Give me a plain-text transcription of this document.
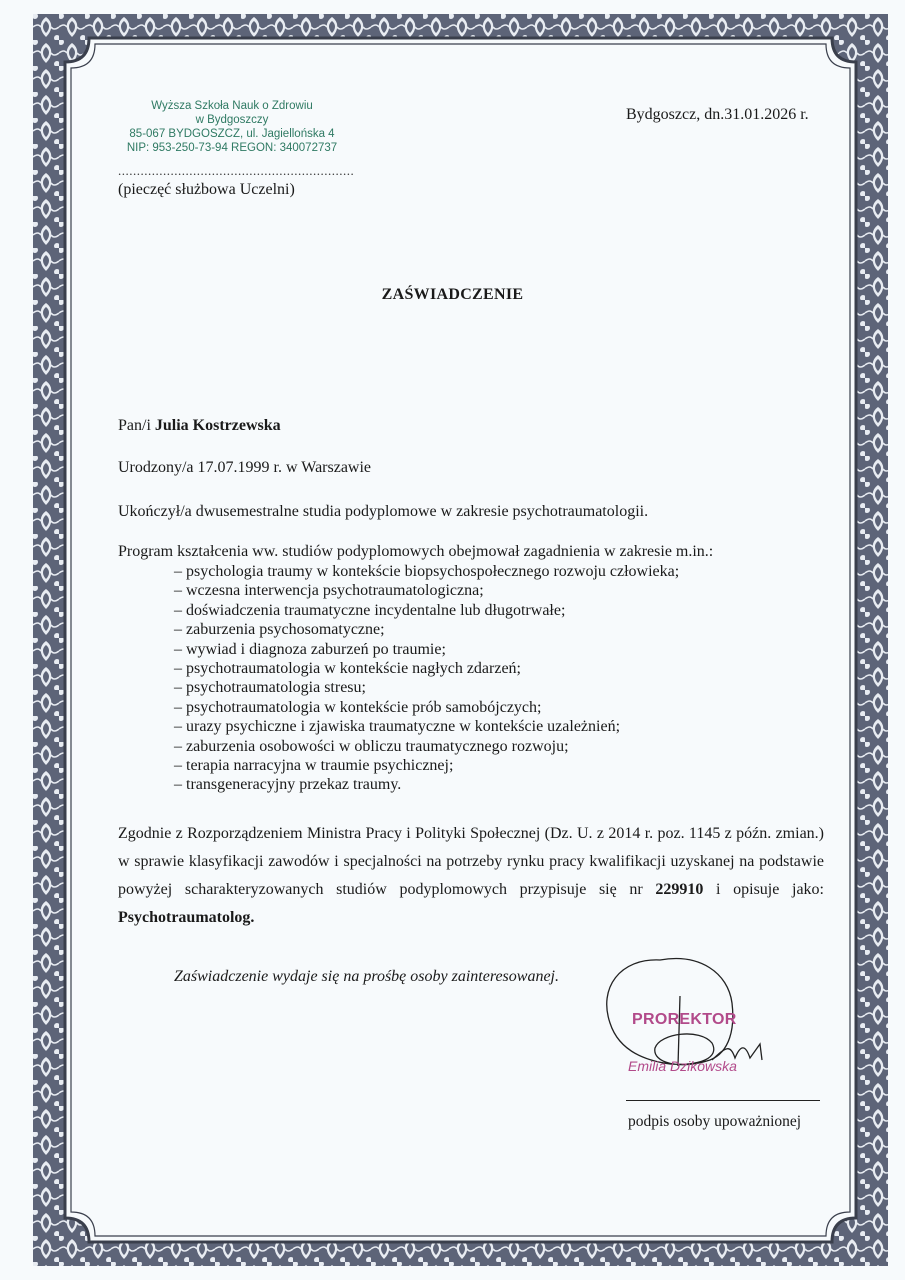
Wyższa Szkoła Nauk o Zdrowiu
w Bydgoszczy
85-067 BYDGOSZCZ, ul. Jagiellońska 4
NIP: 953-250-73-94 REGON: 340072737
...............................................................
(pieczęć służbowa Uczelni)
Bydgoszcz, dn.31.01.2026 r.
ZAŚWIADCZENIE
Pan/i Julia Kostrzewska
Urodzony/a 17.07.1999 r. w Warszawie
Ukończył/a dwusemestralne studia podyplomowe w zakresie psychotraumatologii.
Program kształcenia ww. studiów podyplomowych obejmował zagadnienia w zakresie m.in.:
– psychologia traumy w kontekście biopsychospołecznego rozwoju człowieka;
– wczesna interwencja psychotraumatologiczna;
– doświadczenia traumatyczne incydentalne lub długotrwałe;
– zaburzenia psychosomatyczne;
– wywiad i diagnoza zaburzeń po traumie;
– psychotraumatologia w kontekście nagłych zdarzeń;
– psychotraumatologia stresu;
– psychotraumatologia w kontekście prób samobójczych;
– urazy psychiczne i zjawiska traumatyczne w kontekście uzależnień;
– zaburzenia osobowości w obliczu traumatycznego rozwoju;
– terapia narracyjna w traumie psychicznej;
– transgeneracyjny przekaz traumy.
Zgodnie z Rozporządzeniem Ministra Pracy i Polityki Społecznej (Dz. U. z 2014 r. poz. 1145 z późn. zmian.) w sprawie klasyfikacji zawodów i specjalności na potrzeby rynku pracy kwalifikacji uzyskanej na podstawie powyżej scharakteryzowanych studiów podyplomowych przypisuje się nr 229910 i opisuje jako: Psychotraumatolog.
Zaświadczenie wydaje się na prośbę osoby zainteresowanej.
PROREKTOR
Emilia Dzikowska
podpis osoby upoważnionej
